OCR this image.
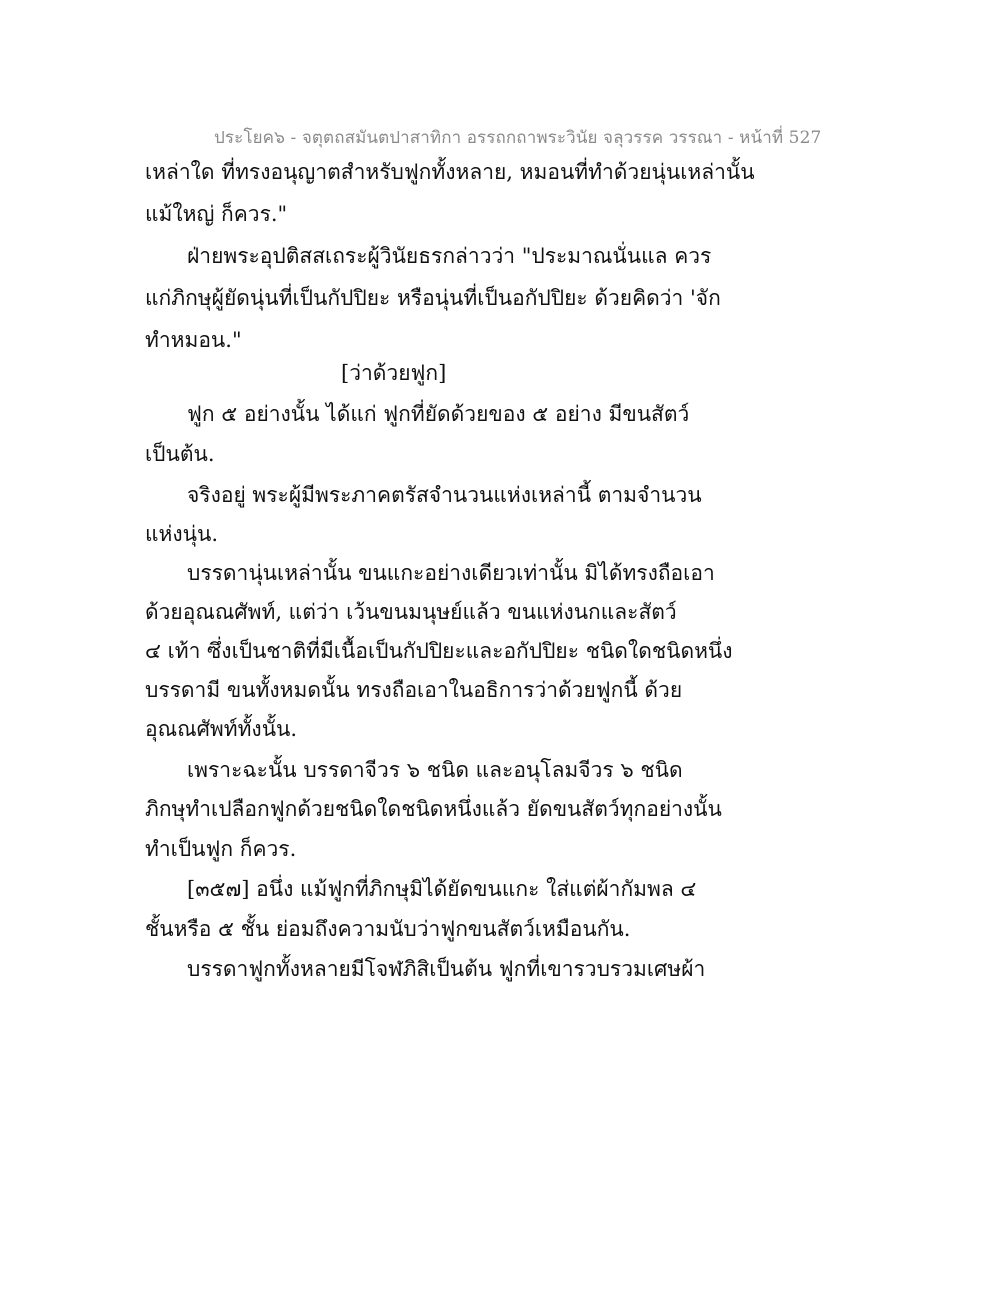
ประโยค๖ - จตุตถสมันตปาสาทิกา อรรถกถาพระวินัย จลุวรรค วรรณา - หน้าที่ 527
เหล่าใด ที่ทรงอนุญาตสำหรับฟูกทั้งหลาย, หมอนที่ทำด้วยนุ่นเหล่านั้น
แม้ใหญ่ ก็ควร."
ฝ่ายพระอุปติสสเถระผู้วินัยธรกล่าวว่า "ประมาณนั่นแล ควร
แก่ภิกษุผู้ยัดนุ่นที่เป็นกัปปิยะ หรือนุ่นที่เป็นอกัปปิยะ ด้วยคิดว่า 'จัก
ทำหมอน."
[ว่าด้วยฟูก]
ฟูก ๕ อย่างนั้น ได้แก่ ฟูกที่ยัดด้วยของ ๕ อย่าง มีขนสัตว์
เป็นต้น.
จริงอยู่ พระผู้มีพระภาคตรัสจำนวนแห่งเหล่านี้ ตามจำนวน
แห่งนุ่น.
บรรดานุ่นเหล่านั้น ขนแกะอย่างเดียวเท่านั้น มิได้ทรงถือเอา
ด้วยอุณณศัพท์, แต่ว่า เว้นขนมนุษย์แล้ว ขนแห่งนกและสัตว์
๔ เท้า ซึ่งเป็นชาติที่มีเนื้อเป็นกัปปิยะและอกัปปิยะ ชนิดใดชนิดหนึ่ง
บรรดามี ขนทั้งหมดนั้น ทรงถือเอาในอธิการว่าด้วยฟูกนี้ ด้วย
อุณณศัพท์ทั้งนั้น.
เพราะฉะนั้น บรรดาจีวร ๖ ชนิด และอนุโลมจีวร ๖ ชนิด
ภิกษุทำเปลือกฟูกด้วยชนิดใดชนิดหนึ่งแล้ว ยัดขนสัตว์ทุกอย่างนั้น
ทำเป็นฟูก ก็ควร.
[๓๕๗] อนึ่ง แม้ฟูกที่ภิกษุมิได้ยัดขนแกะ ใส่แต่ผ้ากัมพล ๔
ชั้นหรือ ๕ ชั้น ย่อมถึงความนับว่าฟูกขนสัตว์เหมือนกัน.
บรรดาฟูกทั้งหลายมีโจฬภิสิเป็นต้น ฟูกที่เขารวบรวมเศษผ้า
